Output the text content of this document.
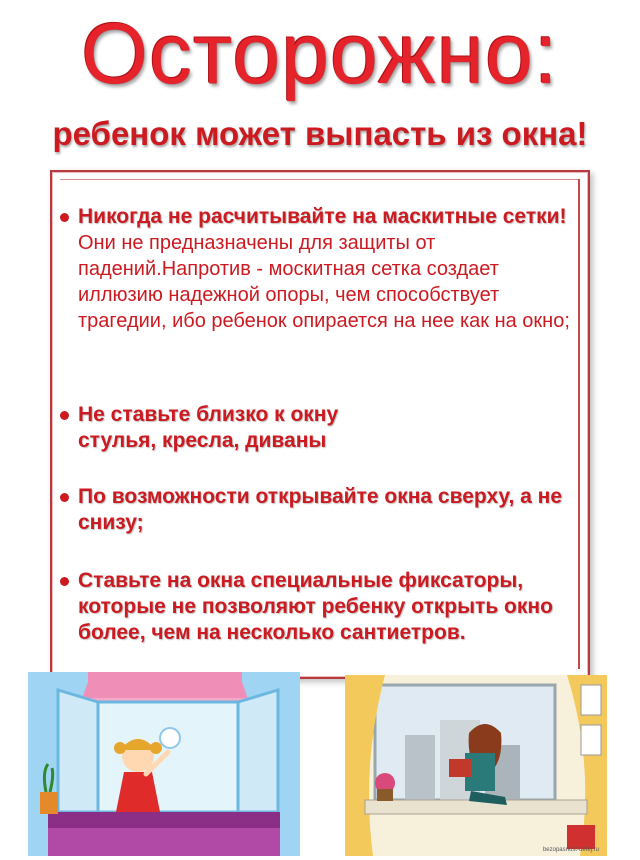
Осторожно:
ребенок может выпасть из окна!
Никогда не расчитывайте на маскитные сетки!
Они не предназначены для защиты от падений.Напротив - москитная сетка создает иллюзию надежной опоры, чем способствует трагедии, ибо ребенок опирается на нее как на окно;
Не ставьте близко к окну стулья, кресла, диваны
По возможности открывайте окна сверху, а не снизу;
Ставьте на окна специальные фиксаторы, которые не позволяют ребенку открыть окно более, чем на несколько сантиетров.
bezopasnost-detej.ru
